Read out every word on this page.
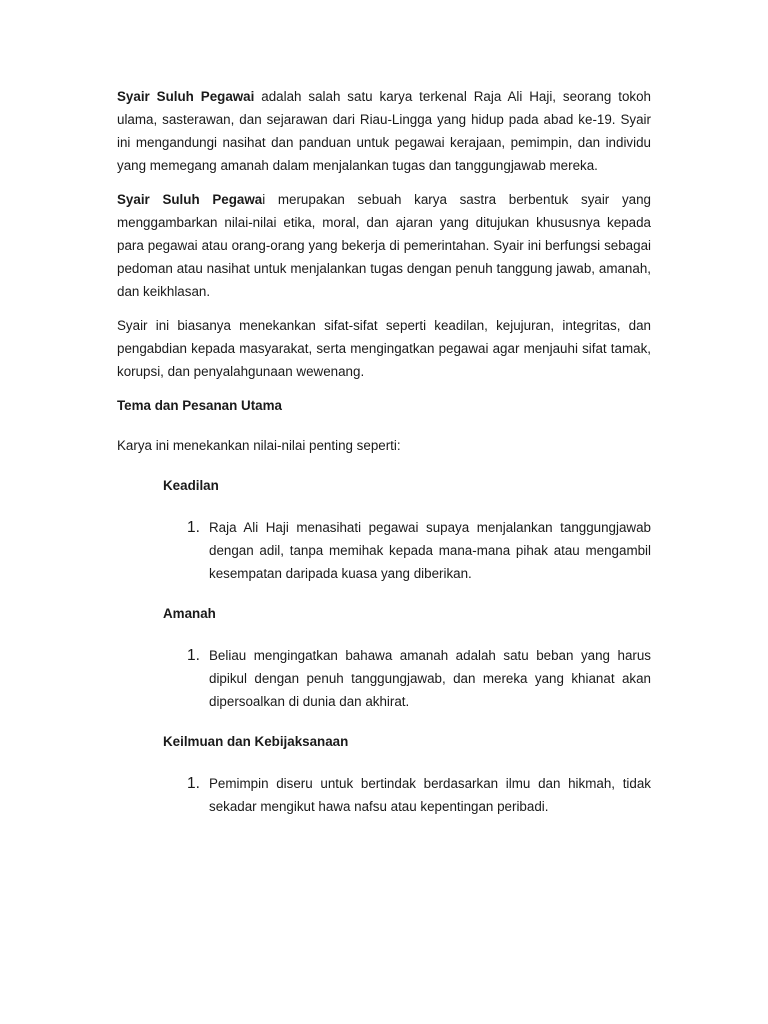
Syair Suluh Pegawai adalah salah satu karya terkenal Raja Ali Haji, seorang tokoh ulama, sasterawan, dan sejarawan dari Riau-Lingga yang hidup pada abad ke-19. Syair ini mengandungi nasihat dan panduan untuk pegawai kerajaan, pemimpin, dan individu yang memegang amanah dalam menjalankan tugas dan tanggungjawab mereka.

Syair Suluh Pegawai merupakan sebuah karya sastra berbentuk syair yang menggambarkan nilai-nilai etika, moral, dan ajaran yang ditujukan khususnya kepada para pegawai atau orang-orang yang bekerja di pemerintahan. Syair ini berfungsi sebagai pedoman atau nasihat untuk menjalankan tugas dengan penuh tanggung jawab, amanah, dan keikhlasan.

Syair ini biasanya menekankan sifat-sifat seperti keadilan, kejujuran, integritas, dan pengabdian kepada masyarakat, serta mengingatkan pegawai agar menjauhi sifat tamak, korupsi, dan penyalahgunaan wewenang.

Tema dan Pesanan Utama

Karya ini menekankan nilai-nilai penting seperti:

Keadilan
1. Raja Ali Haji menasihati pegawai supaya menjalankan tanggungjawab dengan adil, tanpa memihak kepada mana-mana pihak atau mengambil kesempatan daripada kuasa yang diberikan.
Amanah
1. Beliau mengingatkan bahawa amanah adalah satu beban yang harus dipikul dengan penuh tanggungjawab, dan mereka yang khianat akan dipersoalkan di dunia dan akhirat.
Keilmuan dan Kebijaksanaan
1. Pemimpin diseru untuk bertindak berdasarkan ilmu dan hikmah, tidak sekadar mengikut hawa nafsu atau kepentingan peribadi.
